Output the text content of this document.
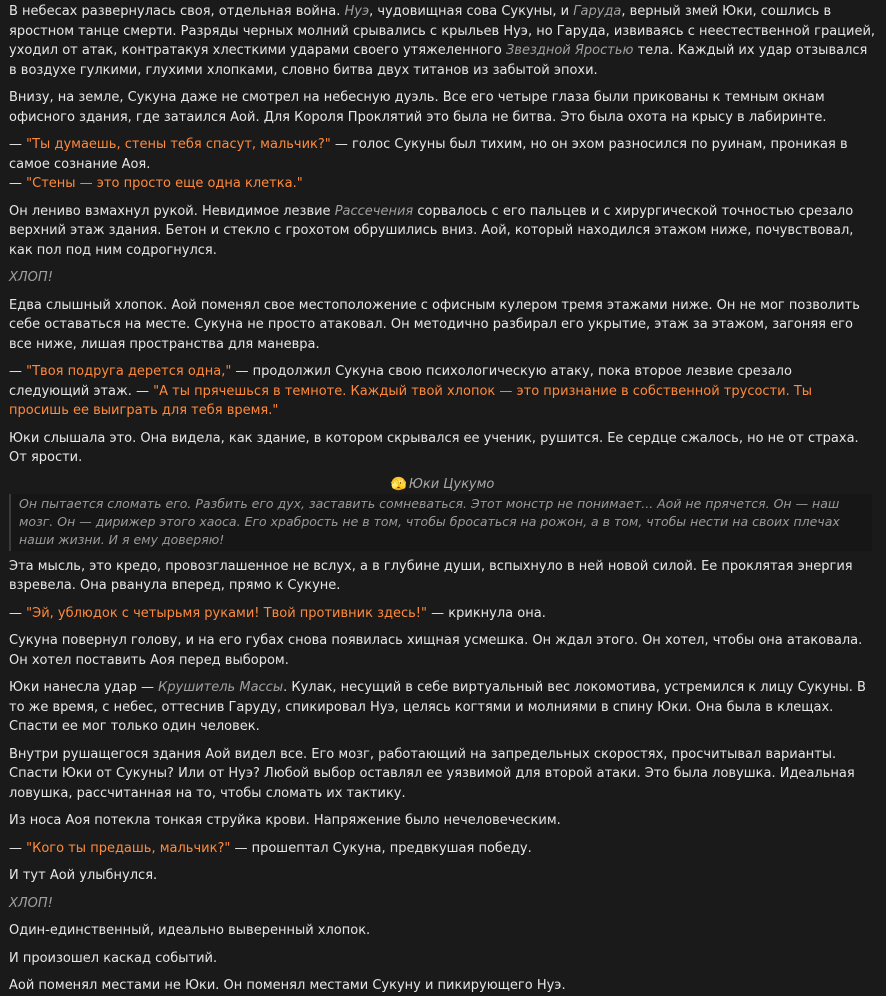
В небесах развернулась своя, отдельная война. Нуэ, чудовищная сова Сукуны, и Гаруда, верный змей Юки, сошлись в яростном танце смерти. Разряды черных молний срывались с крыльев Нуэ, но Гаруда, извиваясь с неестественной грацией, уходил от атак, контратакуя хлесткими ударами своего утяжеленного Звездной Яростью тела. Каждый их удар отзывался в воздухе гулкими, глухими хлопками, словно битва двух титанов из забытой эпохи.

Внизу, на земле, Сукуна даже не смотрел на небесную дуэль. Все его четыре глаза были прикованы к темным окнам офисного здания, где затаился Аой. Для Короля Проклятий это была не битва. Это была охота на крысу в лабиринте.

— "Ты думаешь, стены тебя спасут, мальчик?" — голос Сукуны был тихим, но он эхом разносился по руинам, проникая в самое сознание Аоя.
— "Стены — это просто еще одна клетка."

Он лениво взмахнул рукой. Невидимое лезвие Рассечения сорвалось с его пальцев и с хирургической точностью срезало верхний этаж здания. Бетон и стекло с грохотом обрушились вниз. Аой, который находился этажом ниже, почувствовал, как пол под ним содрогнулся.

ХЛОП!

Едва слышный хлопок. Аой поменял свое местоположение с офисным кулером тремя этажами ниже. Он не мог позволить себе оставаться на месте. Сукуна не просто атаковал. Он методично разбирал его укрытие, этаж за этажом, загоняя его все ниже, лишая пространства для маневра.

— "Твоя подруга дерется одна," — продолжил Сукуна свою психологическую атаку, пока второе лезвие срезало следующий этаж. — "А ты прячешься в темноте. Каждый твой хлопок — это признание в собственной трусости. Ты просишь ее выиграть для тебя время."

Юки слышала это. Она видела, как здание, в котором скрывался ее ученик, рушится. Ее сердце сжалось, но не от страха. От ярости.

🫣 Юки Цукумо
Он пытается сломать его. Разбить его дух, заставить сомневаться. Этот монстр не понимает... Аой не прячется. Он — наш мозг. Он — дирижер этого хаоса. Его храбрость не в том, чтобы бросаться на рожон, а в том, чтобы нести на своих плечах наши жизни. И я ему доверяю!

Эта мысль, это кредо, провозглашенное не вслух, а в глубине души, вспыхнуло в ней новой силой. Ее проклятая энергия взревела. Она рванула вперед, прямо к Сукуне.

— "Эй, ублюдок с четырьмя руками! Твой противник здесь!" — крикнула она.

Сукуна повернул голову, и на его губах снова появилась хищная усмешка. Он ждал этого. Он хотел, чтобы она атаковала. Он хотел поставить Аоя перед выбором.

Юки нанесла удар — Крушитель Массы. Кулак, несущий в себе виртуальный вес локомотива, устремился к лицу Сукуны. В то же время, с небес, оттеснив Гаруду, спикировал Нуэ, целясь когтями и молниями в спину Юки. Она была в клещах. Спасти ее мог только один человек.

Внутри рушащегося здания Аой видел все. Его мозг, работающий на запредельных скоростях, просчитывал варианты. Спасти Юки от Сукуны? Или от Нуэ? Любой выбор оставлял ее уязвимой для второй атаки. Это была ловушка. Идеальная ловушка, рассчитанная на то, чтобы сломать их тактику.

Из носа Аоя потекла тонкая струйка крови. Напряжение было нечеловеческим.

— "Кого ты предашь, мальчик?" — прошептал Сукуна, предвкушая победу.

И тут Аой улыбнулся.

ХЛОП!

Один-единственный, идеально выверенный хлопок.

И произошел каскад событий.

Аой поменял местами не Юки. Он поменял местами Сукуну и пикирующего Нуэ.
